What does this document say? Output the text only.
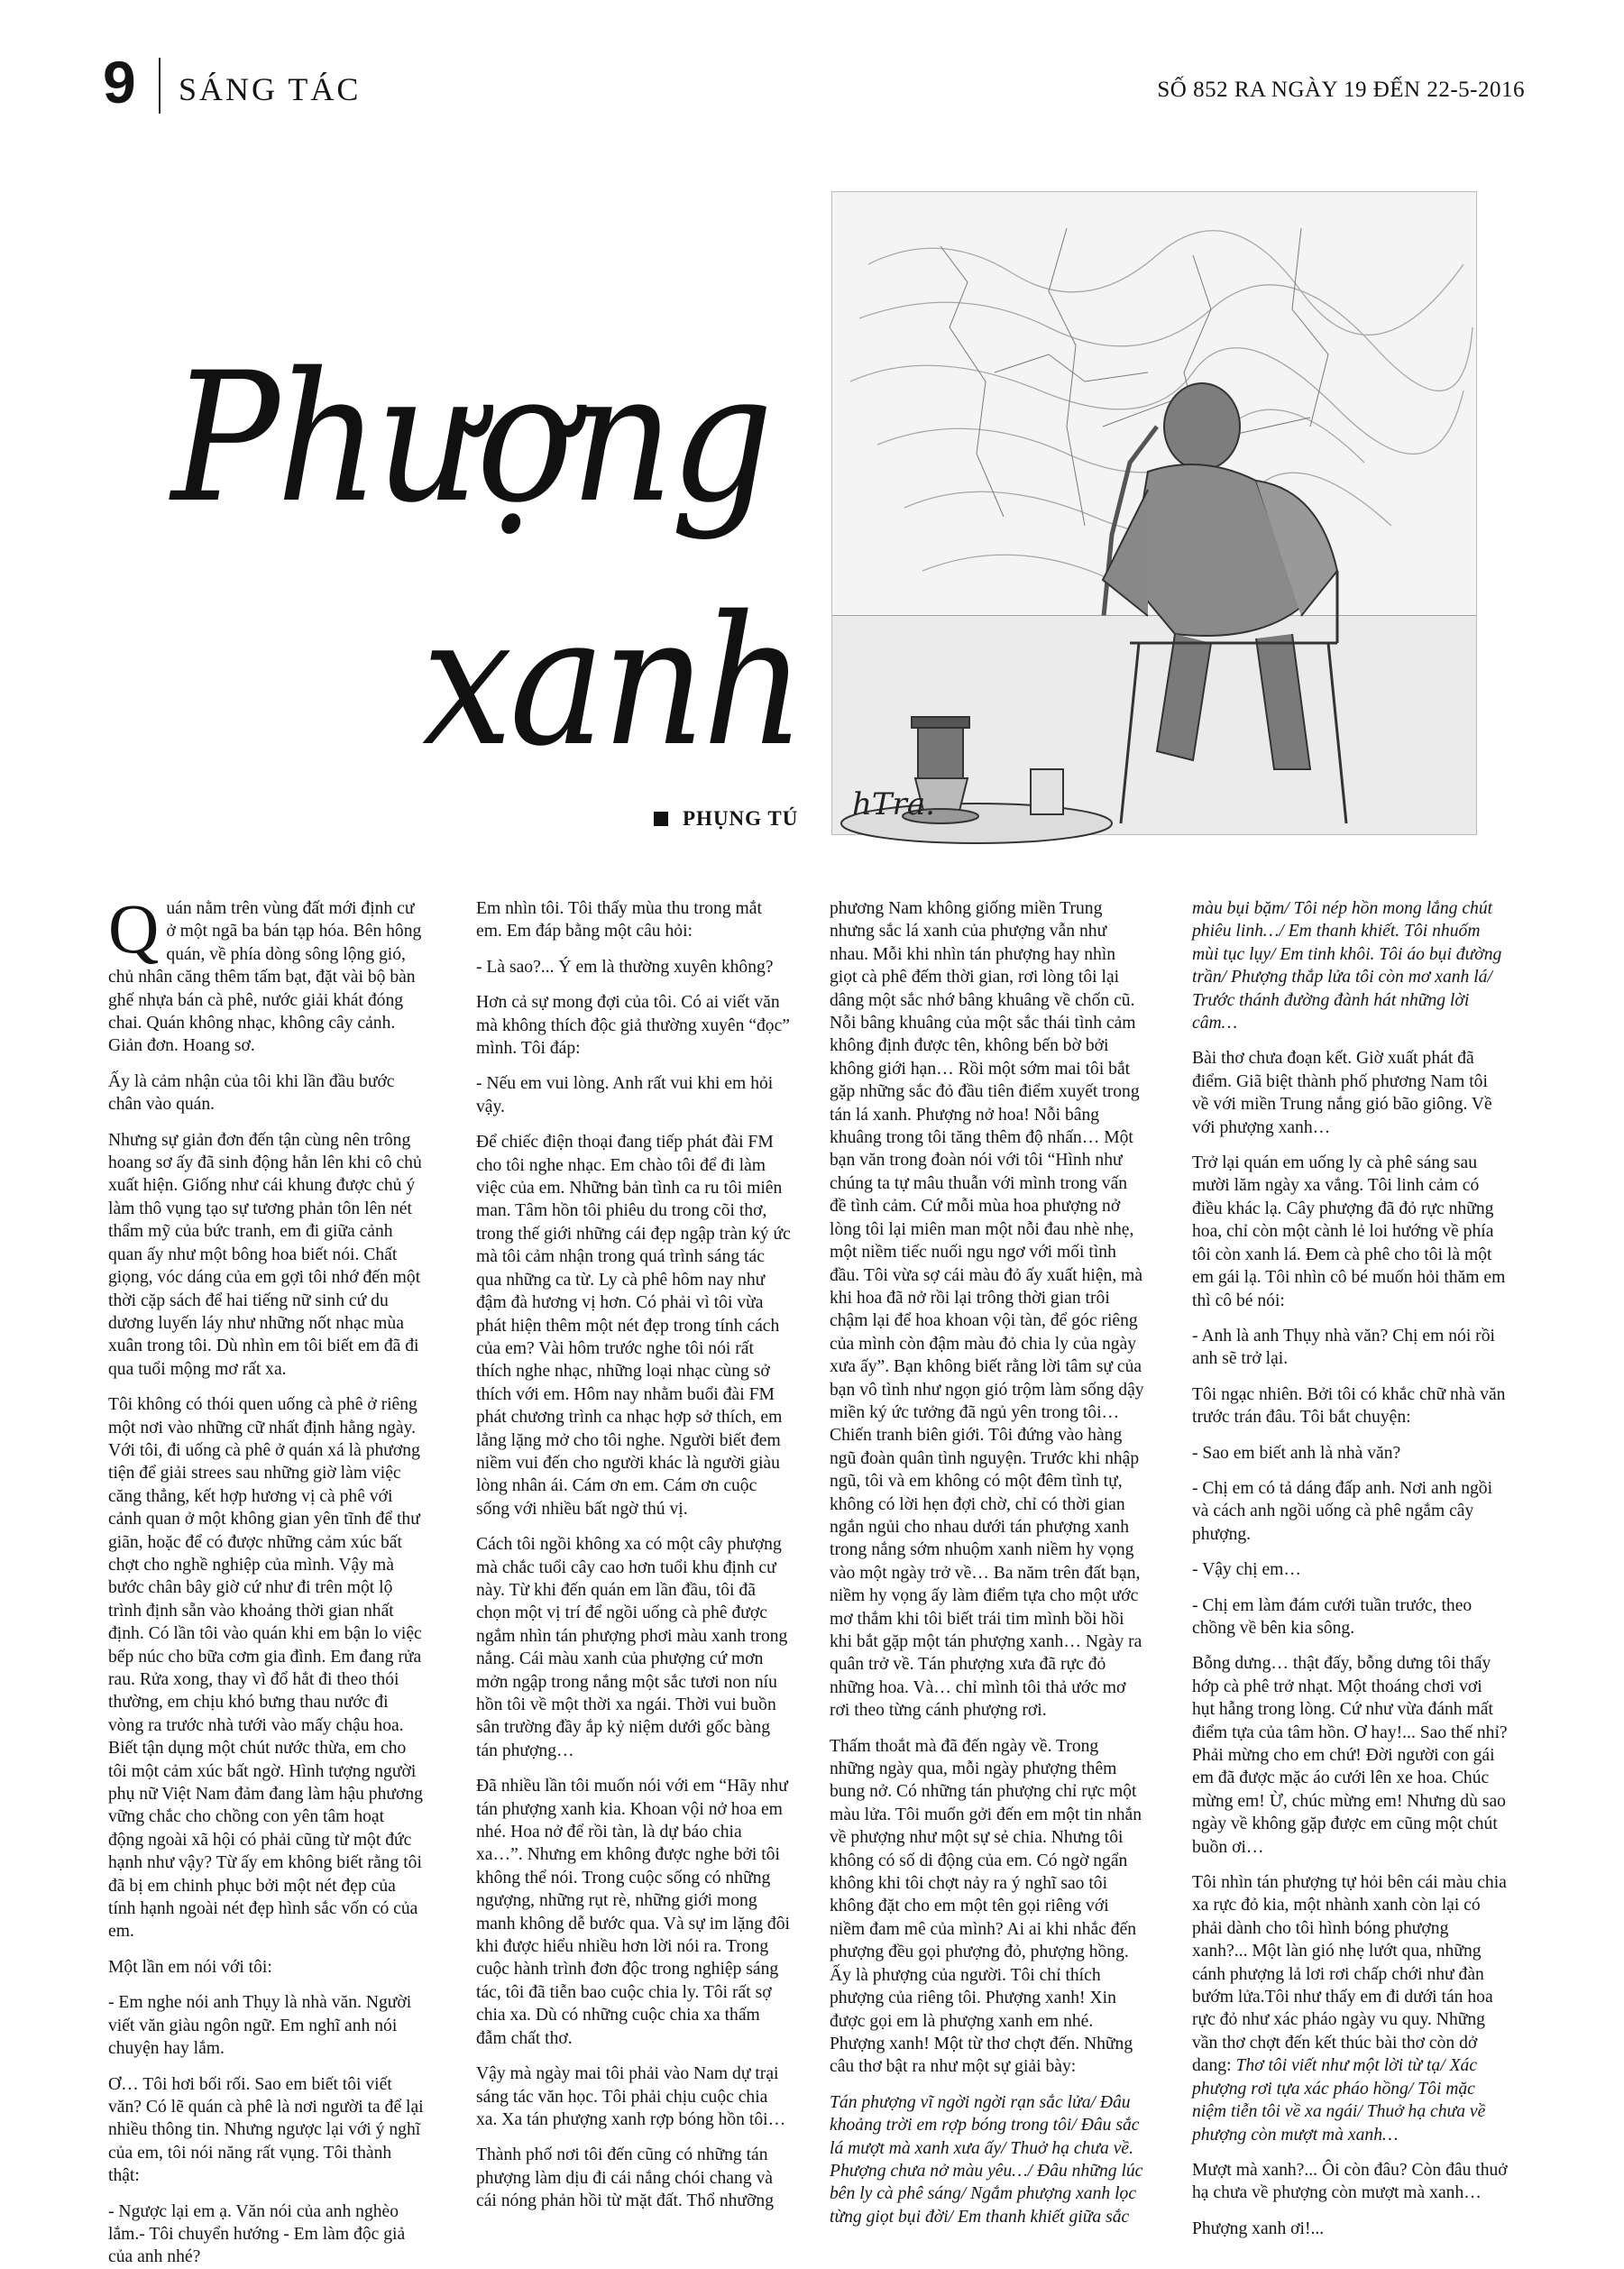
9 SÁNG TÁC	SỐ 852 RA NGÀY 19 ĐẾN 22-5-2016
Phượng
xanh
PHỤNG TÚ hTra.

Quán nằm trên vùng đất mới định cư ở một ngã ba bán tạp hóa. Bên hông quán, về phía dòng sông lộng gió, chủ nhân căng thêm tấm bạt, đặt vài bộ bàn ghế nhựa bán cà phê, nước giải khát đóng chai. Quán không nhạc, không cây cảnh. Giản đơn. Hoang sơ.

Ấy là cảm nhận của tôi khi lần đầu bước chân vào quán.

Nhưng sự giản đơn đến tận cùng nên trông hoang sơ ấy đã sinh động hẳn lên khi cô chủ xuất hiện. Giống như cái khung được chủ ý làm thô vụng tạo sự tương phản tôn lên nét thẩm mỹ của bức tranh, em đi giữa cảnh quan ấy như một bông hoa biết nói. Chất giọng, vóc dáng của em gợi tôi nhớ đến một thời cặp sách để hai tiếng nữ sinh cứ du dương luyến láy như những nốt nhạc mùa xuân trong tôi. Dù nhìn em tôi biết em đã đi qua tuổi mộng mơ rất xa.

Tôi không có thói quen uống cà phê ở riêng một nơi vào những cữ nhất định hằng ngày. Với tôi, đi uống cà phê ở quán xá là phương tiện để giải strees sau những giờ làm việc căng thẳng, kết hợp hương vị cà phê với cảnh quan ở một không gian yên tĩnh để thư giãn, hoặc để có được những cảm xúc bất chợt cho nghề nghiệp của mình. Vậy mà bước chân bây giờ cứ như đi trên một lộ trình định sẵn vào khoảng thời gian nhất định. Có lần tôi vào quán khi em bận lo việc bếp núc cho bữa cơm gia đình. Em đang rửa rau. Rửa xong, thay vì đổ hắt đi theo thói thường, em chịu khó bưng thau nước đi vòng ra trước nhà tưới vào mấy chậu hoa. Biết tận dụng một chút nước thừa, em cho tôi một cảm xúc bất ngờ. Hình tượng người phụ nữ Việt Nam đảm đang làm hậu phương vững chắc cho chồng con yên tâm hoạt động ngoài xã hội có phải cũng từ một đức hạnh như vậy? Từ ấy em không biết rằng tôi đã bị em chinh phục bởi một nét đẹp của tính hạnh ngoài nét đẹp hình sắc vốn có của em.

Một lần em nói với tôi:

- Em nghe nói anh Thụy là nhà văn. Người viết văn giàu ngôn ngữ. Em nghĩ anh nói chuyện hay lắm.

Ơ… Tôi hơi bối rối. Sao em biết tôi viết văn? Có lẽ quán cà phê là nơi người ta để lại nhiều thông tin. Nhưng ngược lại với ý nghĩ của em, tôi nói năng rất vụng. Tôi thành thật:

- Ngược lại em ạ. Văn nói của anh nghèo lắm.- Tôi chuyển hướng - Em làm độc giả của anh nhé?

Em nhìn tôi. Tôi thấy mùa thu trong mắt em. Em đáp bằng một câu hỏi:

- Là sao?... Ý em là thường xuyên không?

Hơn cả sự mong đợi của tôi. Có ai viết văn mà không thích độc giả thường xuyên “đọc” mình. Tôi đáp:

- Nếu em vui lòng. Anh rất vui khi em hỏi vậy.

Để chiếc điện thoại đang tiếp phát đài FM cho tôi nghe nhạc. Em chào tôi để đi làm việc của em. Những bản tình ca ru tôi miên man. Tâm hồn tôi phiêu du trong cõi thơ, trong thế giới những cái đẹp ngập tràn ký ức mà tôi cảm nhận trong quá trình sáng tác qua những ca từ. Ly cà phê hôm nay như đậm đà hương vị hơn. Có phải vì tôi vừa phát hiện thêm một nét đẹp trong tính cách của em? Vài hôm trước nghe tôi nói rất thích nghe nhạc, những loại nhạc cùng sở thích với em. Hôm nay nhằm buổi đài FM phát chương trình ca nhạc hợp sở thích, em lẳng lặng mở cho tôi nghe. Người biết đem niềm vui đến cho người khác là người giàu lòng nhân ái. Cám ơn em. Cám ơn cuộc sống với nhiều bất ngờ thú vị.

Cách tôi ngồi không xa có một cây phượng mà chắc tuổi cây cao hơn tuổi khu định cư này. Từ khi đến quán em lần đầu, tôi đã chọn một vị trí để ngồi uống cà phê được ngắm nhìn tán phượng phơi màu xanh trong nắng. Cái màu xanh của phượng cứ mơn mởn ngập trong nắng một sắc tươi non níu hồn tôi về một thời xa ngái. Thời vui buồn sân trường đầy ắp kỷ niệm dưới gốc bàng tán phượng…

Đã nhiều lần tôi muốn nói với em “Hãy như tán phượng xanh kia. Khoan vội nở hoa em nhé. Hoa nở để rồi tàn, là dự báo chia xa…”. Nhưng em không được nghe bởi tôi không thể nói. Trong cuộc sống có những ngượng, những rụt rè, những giới mong manh không dễ bước qua. Và sự im lặng đôi khi được hiểu nhiều hơn lời nói ra. Trong cuộc hành trình đơn độc trong nghiệp sáng tác, tôi đã tiễn bao cuộc chia ly. Tôi rất sợ chia xa. Dù có những cuộc chia xa thấm đẫm chất thơ.

Vậy mà ngày mai tôi phải vào Nam dự trại sáng tác văn học. Tôi phải chịu cuộc chia xa. Xa tán phượng xanh rợp bóng hồn tôi…

Thành phố nơi tôi đến cũng có những tán phượng làm dịu đi cái nắng chói chang và cái nóng phản hồi từ mặt đất. Thổ nhưỡng

phương Nam không giống miền Trung nhưng sắc lá xanh của phượng vẫn như nhau. Mỗi khi nhìn tán phượng hay nhìn giọt cà phê đếm thời gian, rơi lòng tôi lại dâng một sắc nhớ bâng khuâng về chốn cũ. Nỗi bâng khuâng của một sắc thái tình cảm không định được tên, không bến bờ bởi không giới hạn… Rồi một sớm mai tôi bắt gặp những sắc đỏ đầu tiên điểm xuyết trong tán lá xanh. Phượng nở hoa! Nỗi bâng khuâng trong tôi tăng thêm độ nhấn… Một bạn văn trong đoàn nói với tôi “Hình như chúng ta tự mâu thuẫn với mình trong vấn đề tình cảm. Cứ mỗi mùa hoa phượng nở lòng tôi lại miên man một nỗi đau nhè nhẹ, một niềm tiếc nuối ngu ngơ với mối tình đầu. Tôi vừa sợ cái màu đỏ ấy xuất hiện, mà khi hoa đã nở rồi lại trông thời gian trôi chậm lại để hoa khoan vội tàn, để góc riêng của mình còn đậm màu đỏ chia ly của ngày xưa ấy”. Bạn không biết rằng lời tâm sự của bạn vô tình như ngọn gió trộm làm sống dậy miền ký ức tưởng đã ngủ yên trong tôi… Chiến tranh biên giới. Tôi đứng vào hàng ngũ đoàn quân tình nguyện. Trước khi nhập ngũ, tôi và em không có một đêm tình tự, không có lời hẹn đợi chờ, chỉ có thời gian ngắn ngủi cho nhau dưới tán phượng xanh trong nắng sớm nhuộm xanh niềm hy vọng vào một ngày trở về… Ba năm trên đất bạn, niềm hy vọng ấy làm điểm tựa cho một ước mơ thắm khi tôi biết trái tim mình bồi hồi khi bắt gặp một tán phượng xanh… Ngày ra quân trở về. Tán phượng xưa đã rực đỏ những hoa. Và… chỉ mình tôi thả ước mơ rơi theo từng cánh phượng rơi.

Thấm thoắt mà đã đến ngày về. Trong những ngày qua, mỗi ngày phượng thêm bung nở. Có những tán phượng chỉ rực một màu lửa. Tôi muốn gởi đến em một tin nhắn về phượng như một sự sẻ chia. Nhưng tôi không có số di động của em. Có ngờ ngẩn không khi tôi chợt nảy ra ý nghĩ sao tôi không đặt cho em một tên gọi riêng với niềm đam mê của mình? Ai ai khi nhắc đến phượng đều gọi phượng đỏ, phượng hồng. Ấy là phượng của người. Tôi chỉ thích phượng của riêng tôi. Phượng xanh! Xin được gọi em là phượng xanh em nhé. Phượng xanh! Một từ thơ chợt đến. Những câu thơ bật ra như một sự giải bày:

Tán phượng vĩ ngời ngời rạn sắc lửa/ Đâu khoảng trời em rợp bóng trong tôi/ Đâu sắc lá mượt mà xanh xưa ấy/ Thuở hạ chưa về. Phượng chưa nở màu yêu…/ Đâu những lúc bên ly cà phê sáng/ Ngắm phượng xanh lọc từng giọt bụi đời/ Em thanh khiết giữa sắc

màu bụi bặm/ Tôi nép hồn mong lắng chút phiêu linh…/ Em thanh khiết. Tôi nhuốm mùi tục lụy/ Em tinh khôi. Tôi áo bụi đường trần/ Phượng thắp lửa tôi còn mơ xanh lá/ Trước thánh đường đành hát những lời câm…

Bài thơ chưa đoạn kết. Giờ xuất phát đã điểm. Giã biệt thành phố phương Nam tôi về với miền Trung nắng gió bão giông. Về với phượng xanh…

Trở lại quán em uống ly cà phê sáng sau mười lăm ngày xa vắng. Tôi linh cảm có điều khác lạ. Cây phượng đã đỏ rực những hoa, chỉ còn một cành lẻ loi hướng về phía tôi còn xanh lá. Đem cà phê cho tôi là một em gái lạ. Tôi nhìn cô bé muốn hỏi thăm em thì cô bé nói:

- Anh là anh Thụy nhà văn? Chị em nói rồi anh sẽ trở lại.

Tôi ngạc nhiên. Bởi tôi có khắc chữ nhà văn trước trán đâu. Tôi bắt chuyện:

- Sao em biết anh là nhà văn?

- Chị em có tả dáng đấp anh. Nơi anh ngồi và cách anh ngồi uống cà phê ngắm cây phượng.

- Vậy chị em…

- Chị em làm đám cưới tuần trước, theo chồng về bên kia sông.

Bỗng dưng… thật đấy, bỗng dưng tôi thấy hớp cà phê trở nhạt. Một thoáng chơi vơi hụt hẫng trong lòng. Cứ như vừa đánh mất điểm tựa của tâm hồn. Ơ hay!... Sao thế nhỉ? Phải mừng cho em chứ! Đời người con gái em đã được mặc áo cưới lên xe hoa. Chúc mừng em! Ừ, chúc mừng em! Nhưng dù sao ngày về không gặp được em cũng một chút buồn ơi…

Tôi nhìn tán phượng tự hỏi bên cái màu chia xa rực đỏ kia, một nhành xanh còn lại có phải dành cho tôi hình bóng phượng xanh?... Một làn gió nhẹ lướt qua, những cánh phượng lả lơi rơi chấp chới như đàn bướm lửa.Tôi như thấy em đi dưới tán hoa rực đỏ như xác pháo ngày vu quy. Những vần thơ chợt đến kết thúc bài thơ còn dở dang: Thơ tôi viết như một lời từ tạ/ Xác phượng rơi tựa xác pháo hồng/ Tôi mặc niệm tiễn tôi về xa ngái/ Thuở hạ chưa về phượng còn mượt mà xanh…

Mượt mà xanh?... Ôi còn đâu? Còn đâu thuở hạ chưa về phượng còn mượt mà xanh…

Phượng xanh ơi!...
